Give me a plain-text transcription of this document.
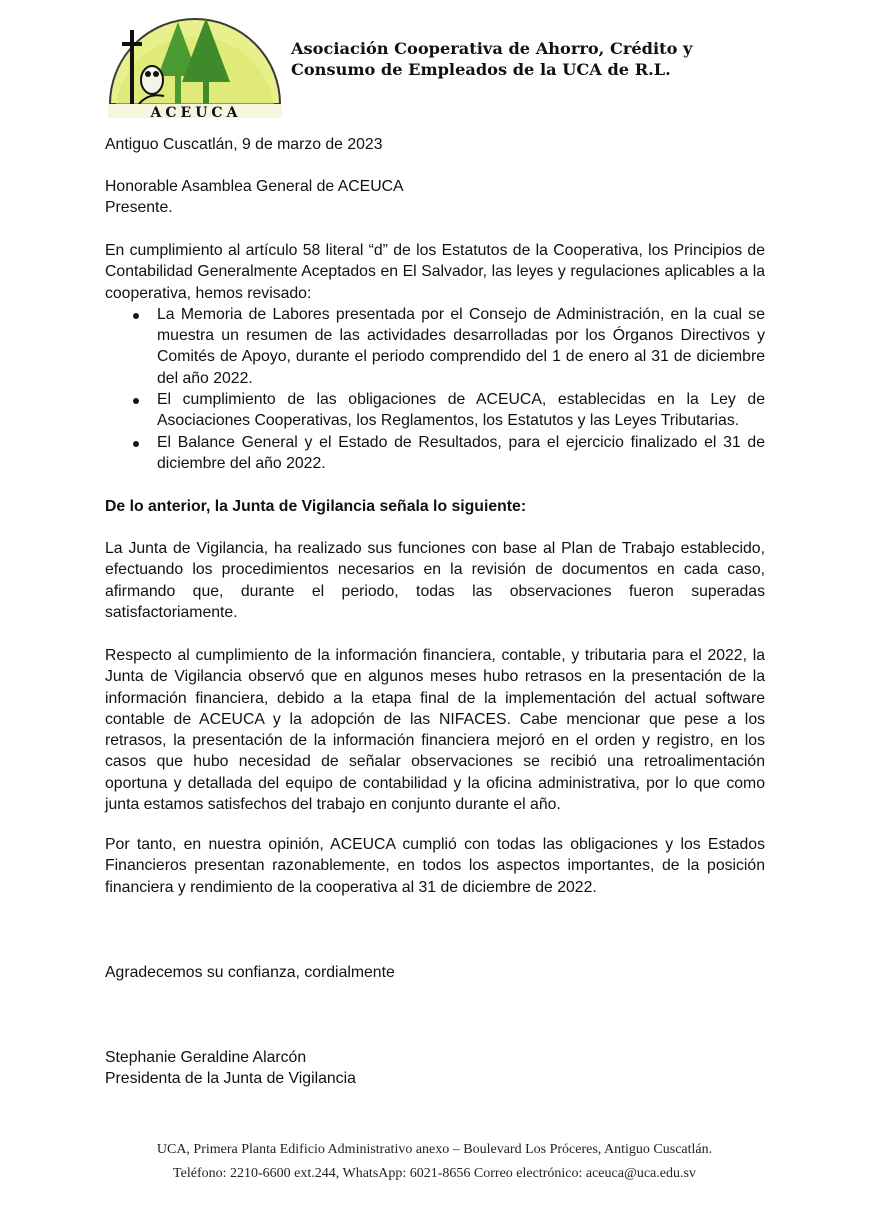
ACEUCA
Asociación Cooperativa de Ahorro, Crédito y
Consumo de Empleados de la UCA de R.L.

Antiguo Cuscatlán, 9 de marzo de 2023

Honorable Asamblea General de ACEUCA

Presente.

En cumplimiento al artículo 58 literal “d” de los Estatutos de la Cooperativa, los Principios de Contabilidad Generalmente Aceptados en El Salvador, las leyes y regulaciones aplicables a la cooperativa, hemos revisado:

La Memoria de Labores presentada por el Consejo de Administración, en la cual se muestra un resumen de las actividades desarrolladas por los Órganos Directivos y Comités de Apoyo, durante el periodo comprendido del 1 de enero al 31 de diciembre del año 2022.
El cumplimiento de las obligaciones de ACEUCA, establecidas en la Ley de Asociaciones Cooperativas, los Reglamentos, los Estatutos y las Leyes Tributarias.
El Balance General y el Estado de Resultados, para el ejercicio finalizado el 31 de diciembre del año 2022.

De lo anterior, la Junta de Vigilancia señala lo siguiente:

La Junta de Vigilancia, ha realizado sus funciones con base al Plan de Trabajo establecido, efectuando los procedimientos necesarios en la revisión de documentos en cada caso, afirmando que, durante el periodo, todas las observaciones fueron superadas satisfactoriamente.

Respecto al cumplimiento de la información financiera, contable, y tributaria para el 2022, la Junta de Vigilancia observó que en algunos meses hubo retrasos en la presentación de la información financiera, debido a la etapa final de la implementación del actual software contable de ACEUCA y la adopción de las NIFACES. Cabe mencionar que pese a los retrasos, la presentación de la información financiera mejoró en el orden y registro, en los casos que hubo necesidad de señalar observaciones se recibió una retroalimentación oportuna y detallada del equipo de contabilidad y la oficina administrativa, por lo que como junta estamos satisfechos del trabajo en conjunto durante el año.

Por tanto, en nuestra opinión, ACEUCA cumplió con todas las obligaciones y los Estados Financieros presentan razonablemente, en todos los aspectos importantes, de la posición financiera y rendimiento de la cooperativa al 31 de diciembre de 2022.

Agradecemos su confianza, cordialmente

Stephanie Geraldine Alarcón

Presidenta de la Junta de Vigilancia

UCA, Primera Planta Edificio Administrativo anexo – Boulevard Los Próceres, Antiguo Cuscatlán.
Teléfono: 2210-6600 ext.244, WhatsApp: 6021-8656 Correo electrónico: aceuca@uca.edu.sv
